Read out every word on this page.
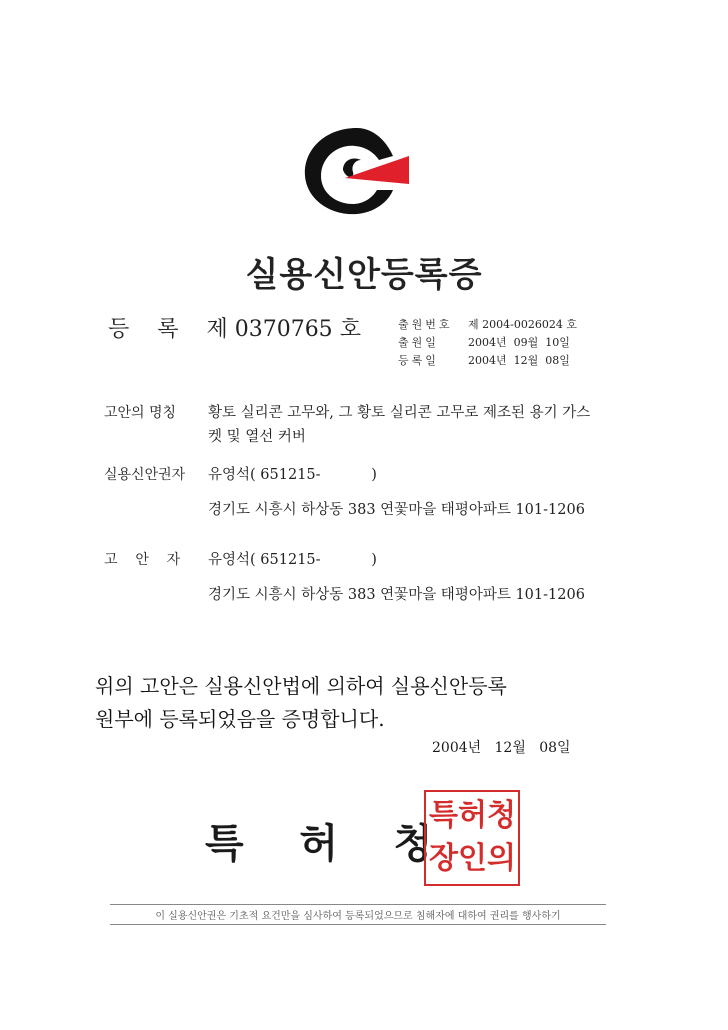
실용신안등록증
등    록    제 0370765 호	출원번호	제 2004-0026024 호
출원일	2004년  09월  10일
등록일	2004년  12월  08일
고안의 명칭 황토 실리콘 고무와, 그 황토 실리콘 고무로 제조된 용기 가스
켓 및 열선 커버
실용신안권자 유영석( 651215-           )
경기도 시흥시 하상동 383 연꽃마을 태평아파트 101-1206
고    안    자 유영석( 651215-           )
경기도 시흥시 하상동 383 연꽃마을 태평아파트 101-1206
위의 고안은 실용신안법에 의하여 실용신안등록
원부에 등록되었음을 증명합니다.
2004년   12월   08일
특    허    청
특 허 청
장 인 의
이 실용신안권은 기초적 요건만을 심사하여 등록되었으므로 침해자에 대하여 권리를 행사하기
